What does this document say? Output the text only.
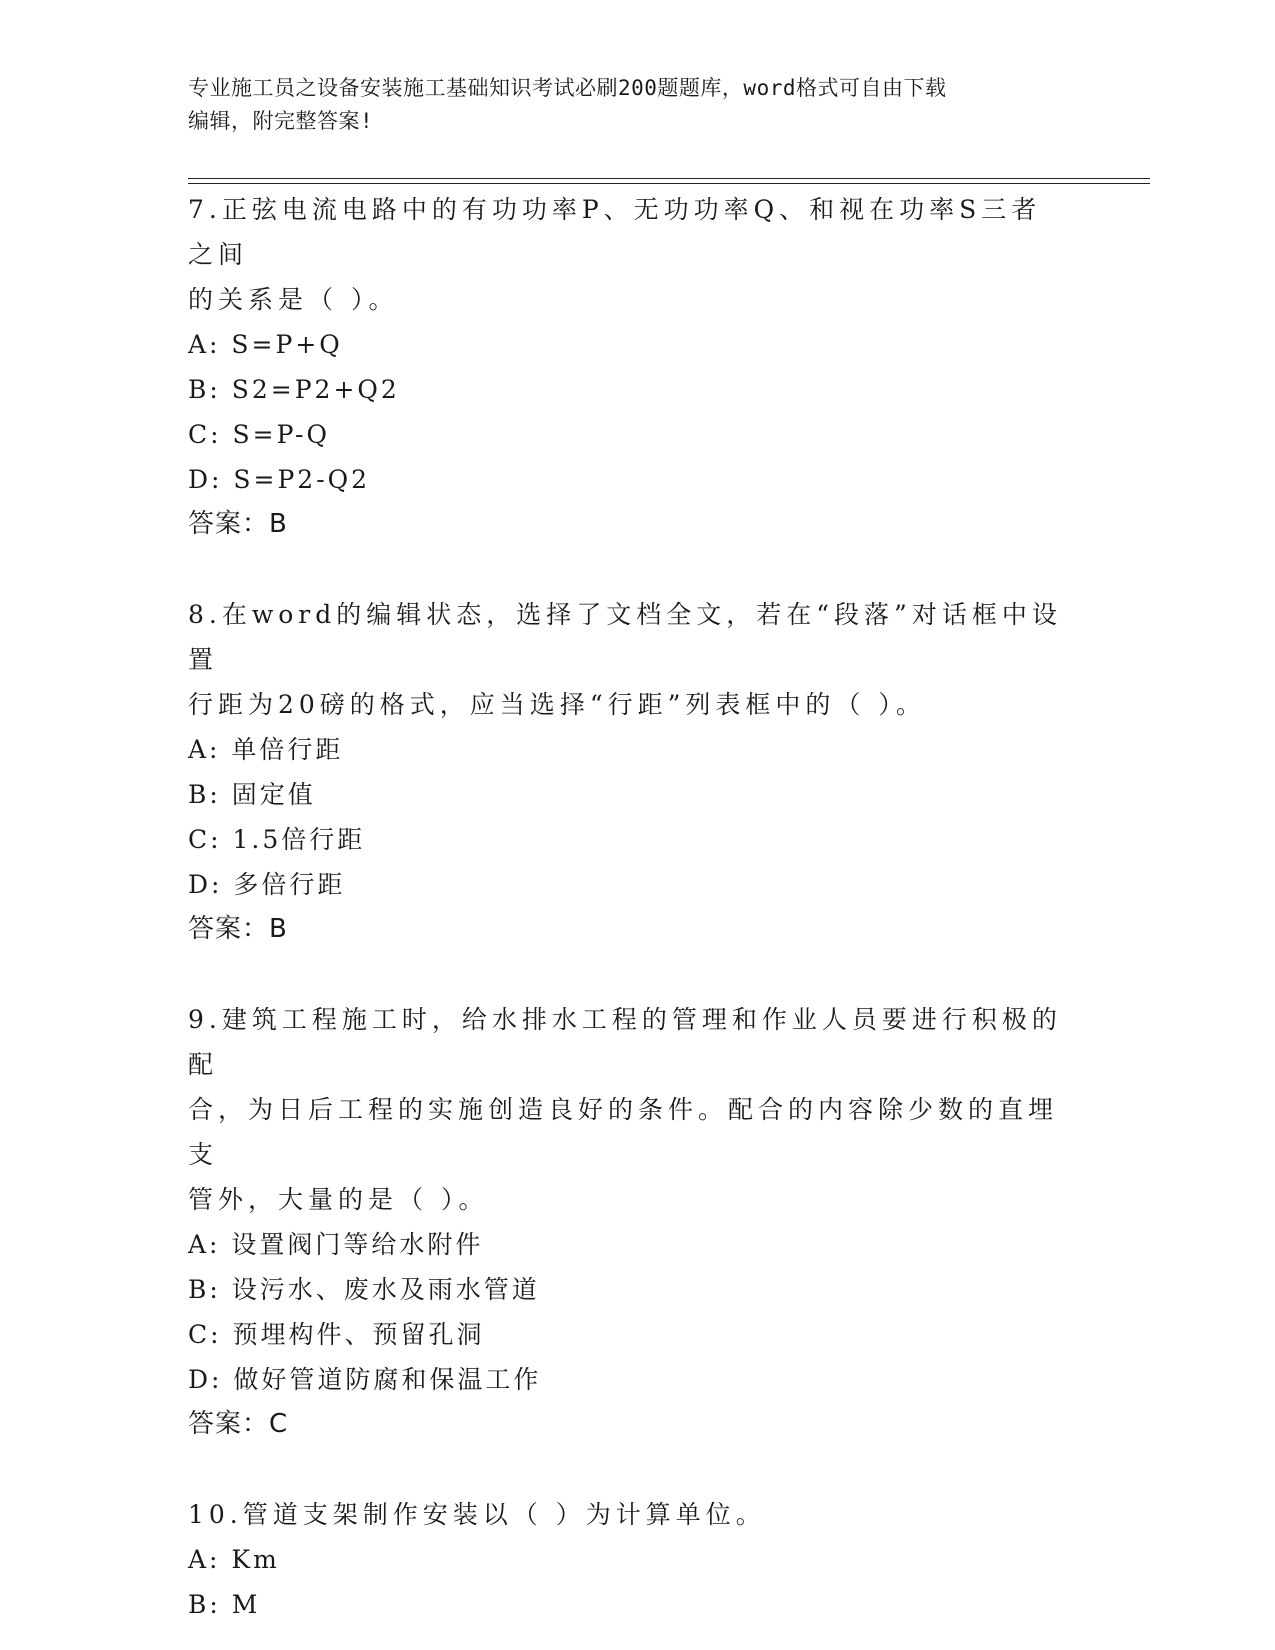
专业施工员之设备安装施工基础知识考试必刷200题题库，word格式可自由下载
编辑，附完整答案!

7.正弦电流电路中的有功功率P、无功功率Q、和视在功率S三者之间

的关系是（ ）。

A: S=P+Q

B: S2=P2+Q2

C: S=P-Q

D: S=P2-Q2

答案：B

8.在word的编辑状态，选择了文档全文，若在“段落”对话框中设置

行距为20磅的格式，应当选择“行距”列表框中的（ ）。

A: 单倍行距

B: 固定值

C: 1.5倍行距

D: 多倍行距

答案：B

9.建筑工程施工时，给水排水工程的管理和作业人员要进行积极的配

合，为日后工程的实施创造良好的条件。配合的内容除少数的直埋支

管外，大量的是（ ）。

A: 设置阀门等给水附件

B: 设污水、废水及雨水管道

C: 预埋构件、预留孔洞

D: 做好管道防腐和保温工作

答案：C

10.管道支架制作安装以（ ）为计算单位。

A: Km

B: M
